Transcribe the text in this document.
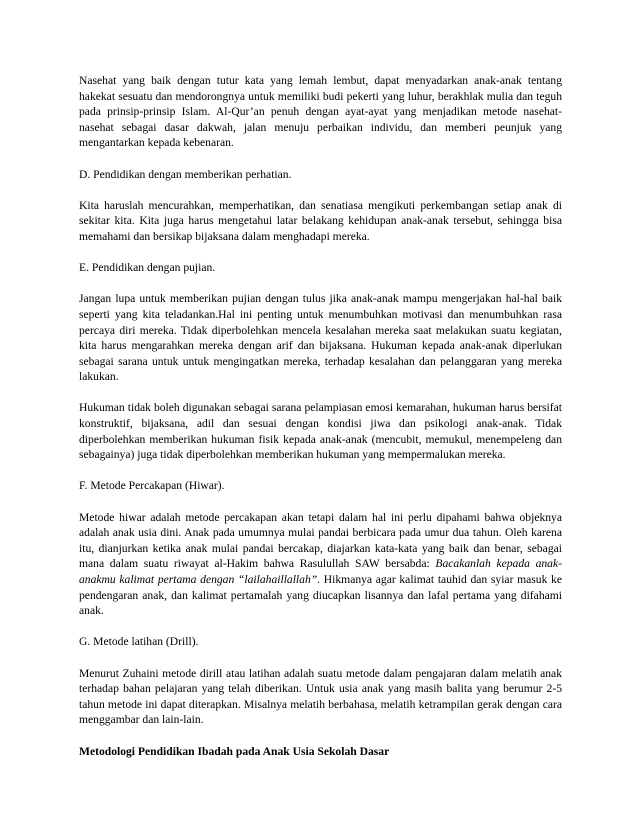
Nasehat yang baik dengan tutur kata yang lemah lembut, dapat menyadarkan anak-anak tentang hakekat sesuatu dan mendorongnya untuk memiliki budi pekerti yang luhur, berakhlak mulia dan teguh pada prinsip-prinsip Islam. Al-Qur’an penuh dengan ayat-ayat yang menjadikan metode nasehat-nasehat sebagai dasar dakwah, jalan menuju perbaikan individu, dan memberi peunjuk yang mengantarkan kepada kebenaran.

D. Pendidikan dengan memberikan perhatian.

Kita haruslah mencurahkan, memperhatikan, dan senatiasa mengikuti perkembangan setiap anak di sekitar kita. Kita juga harus mengetahui latar belakang kehidupan anak-anak tersebut, sehingga bisa memahami dan bersikap bijaksana dalam menghadapi mereka.

E. Pendidikan dengan pujian.

Jangan lupa untuk memberikan pujian dengan tulus jika anak-anak mampu mengerjakan hal-hal baik seperti yang kita teladankan.Hal ini penting untuk menumbuhkan motivasi dan menumbuhkan rasa percaya diri mereka. Tidak diperbolehkan mencela kesalahan mereka saat melakukan suatu kegiatan, kita harus mengarahkan mereka dengan arif dan bijaksana. Hukuman kepada anak-anak diperlukan sebagai sarana untuk untuk mengingatkan mereka, terhadap kesalahan dan pelanggaran yang mereka lakukan.

Hukuman tidak boleh digunakan sebagai sarana pelampiasan emosi kemarahan, hukuman harus bersifat konstruktif, bijaksana, adil dan sesuai dengan kondisi jiwa dan psikologi anak-anak. Tidak diperbolehkan memberikan hukuman fisik kepada anak-anak (mencubit, memukul, menempeleng dan sebagainya) juga tidak diperbolehkan memberikan hukuman yang mempermalukan mereka.

F. Metode Percakapan (Hiwar).

Metode hiwar adalah metode percakapan akan tetapi dalam hal ini perlu dipahami bahwa objeknya adalah anak usia dini. Anak pada umumnya mulai pandai berbicara pada umur dua tahun. Oleh karena itu, dianjurkan ketika anak mulai pandai bercakap, diajarkan kata-kata yang baik dan benar, sebagai mana dalam suatu riwayat al-Hakim bahwa Rasulullah SAW bersabda: Bacakanlah kepada anak-anakmu kalimat pertama dengan “lailahaillallah”. Hikmanya agar kalimat tauhid dan syiar masuk ke pendengaran anak, dan kalimat pertamalah yang diucapkan lisannya dan lafal pertama yang difahami anak.

G. Metode latihan (Drill).

Menurut Zuhaini metode dirill atau latihan adalah suatu metode dalam pengajaran dalam melatih anak terhadap bahan pelajaran yang telah diberikan. Untuk usia anak yang masih balita yang berumur 2-5 tahun metode ini dapat diterapkan. Misalnya melatih berbahasa, melatih ketrampilan gerak dengan cara menggambar dan lain-lain.

Metodologi Pendidikan Ibadah pada Anak Usia Sekolah Dasar
